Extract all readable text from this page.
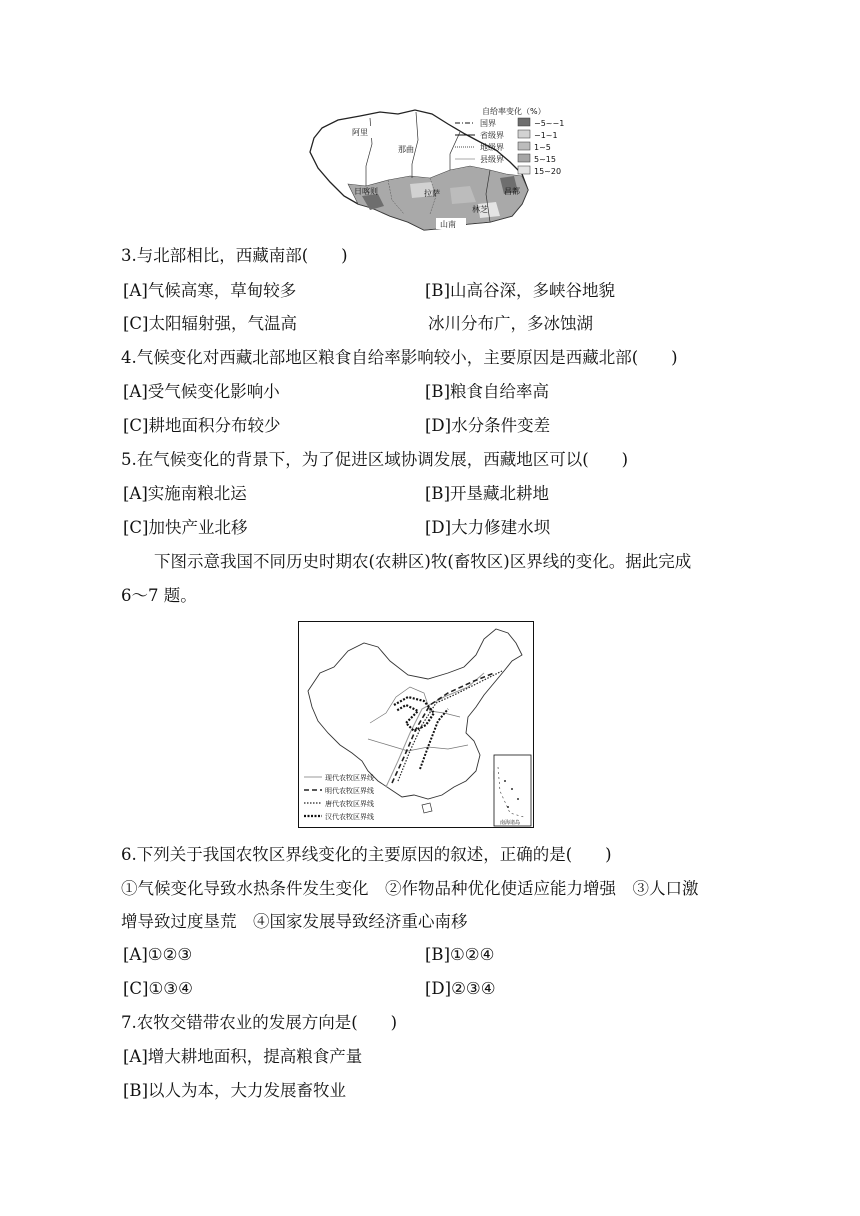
阿里
那曲
日喀则	拉萨	昌都
林芝
山南
自给率变化（%）
国界
省级界
地级界
县级界
−5~−1
−1~1
1~5
5~15
15~20
3.与北部相比，西藏南部(　　)
[A]气候高寒，草甸较多	[B]山高谷深，多峡谷地貌
[C]太阳辐射强，气温高	冰川分布广，多冰蚀湖
4.气候变化对西藏北部地区粮食自给率影响较小，主要原因是西藏北部(　　)
[A]受气候变化影响小	[B]粮食自给率高
[C]耕地面积分布较少	[D]水分条件变差
5.在气候变化的背景下，为了促进区域协调发展，西藏地区可以(　　)
[A]实施南粮北运	[B]开垦藏北耕地
[C]加快产业北移	[D]大力修建水坝
下图示意我国不同历史时期农(农耕区)牧(畜牧区)区界线的变化。据此完成
6～7 题。
南海诸岛
现代农牧区界线
明代农牧区界线
唐代农牧区界线
汉代农牧区界线
6.下列关于我国农牧区界线变化的主要原因的叙述，正确的是(　　)
①气候变化导致水热条件发生变化　②作物品种优化使适应能力增强　③人口激
增导致过度垦荒　④国家发展导致经济重心南移
[A]①②③	[B]①②④
[C]①③④	[D]②③④
7.农牧交错带农业的发展方向是(　　)
[A]增大耕地面积，提高粮食产量
[B]以人为本，大力发展畜牧业
